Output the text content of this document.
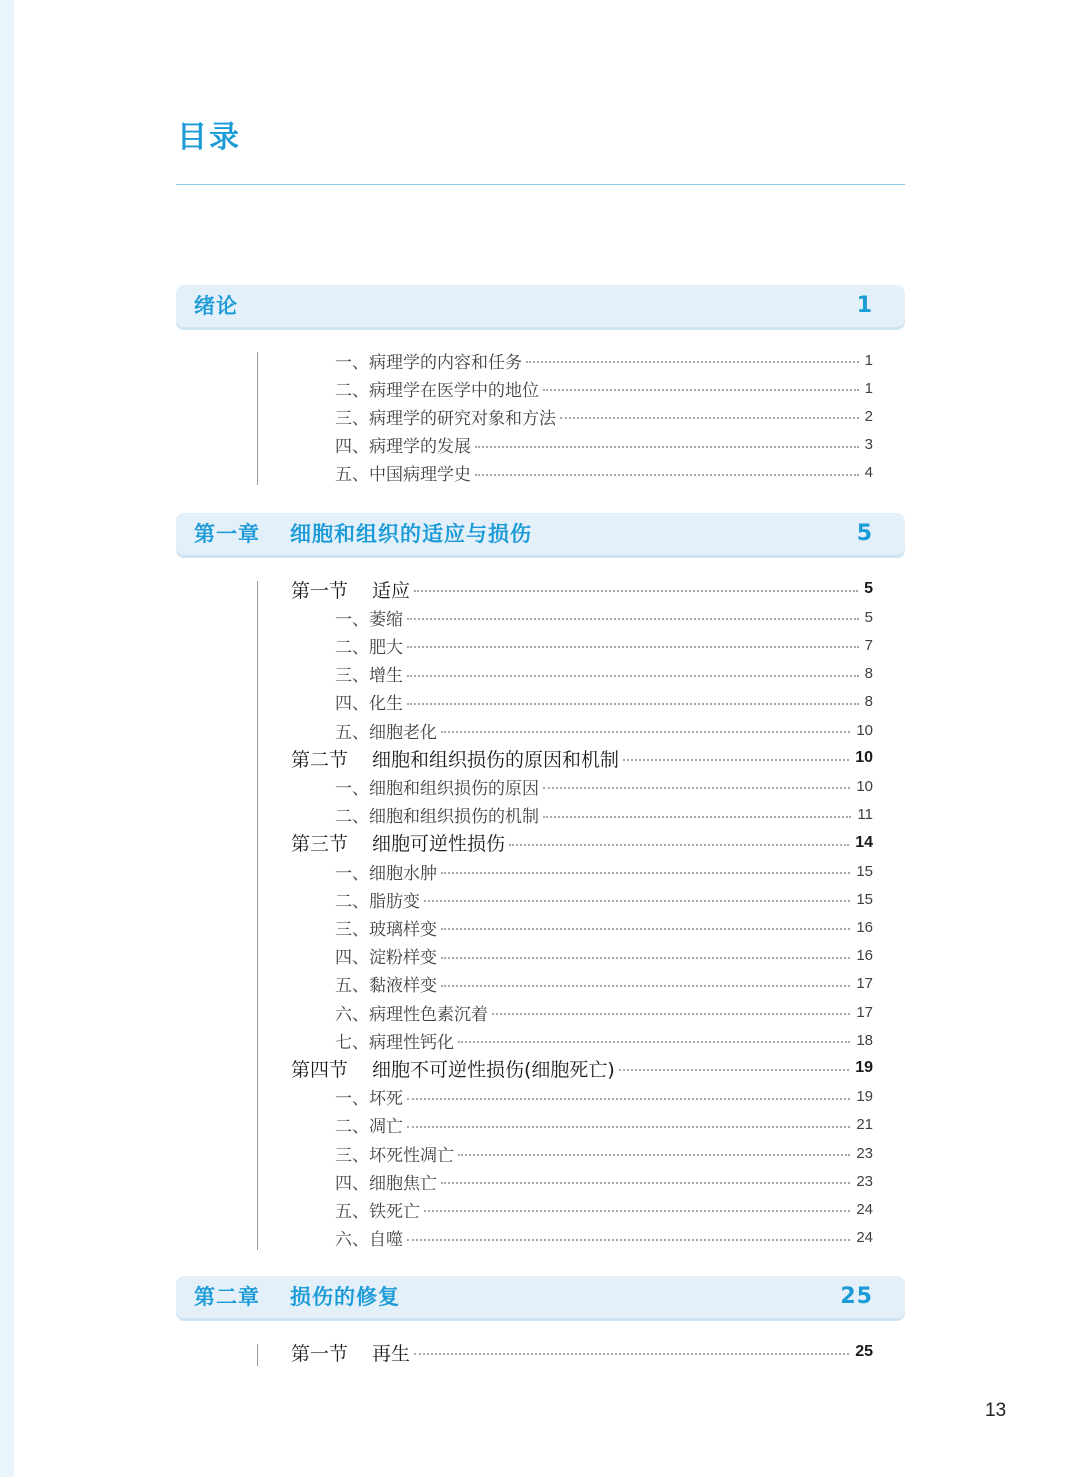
目录
绪论	1
一、病理学的内容和任务	1
二、病理学在医学中的地位	1
三、病理学的研究对象和方法	2
四、病理学的发展	3
五、中国病理学史	4
第一章 细胞和组织的适应与损伤	5
第一节 适应	5
一、萎缩	5
二、肥大	7
三、增生	8
四、化生	8
五、细胞老化	10
第二节 细胞和组织损伤的原因和机制	10
一、细胞和组织损伤的原因	10
二、细胞和组织损伤的机制	11
第三节 细胞可逆性损伤	14
一、细胞水肿	15
二、脂肪变	15
三、玻璃样变	16
四、淀粉样变	16
五、黏液样变	17
六、病理性色素沉着	17
七、病理性钙化	18
第四节 细胞不可逆性损伤(细胞死亡)	19
一、坏死	19
二、凋亡	21
三、坏死性凋亡	23
四、细胞焦亡	23
五、铁死亡	24
六、自噬	24
第二章 损伤的修复	25
第一节 再生	25
13
